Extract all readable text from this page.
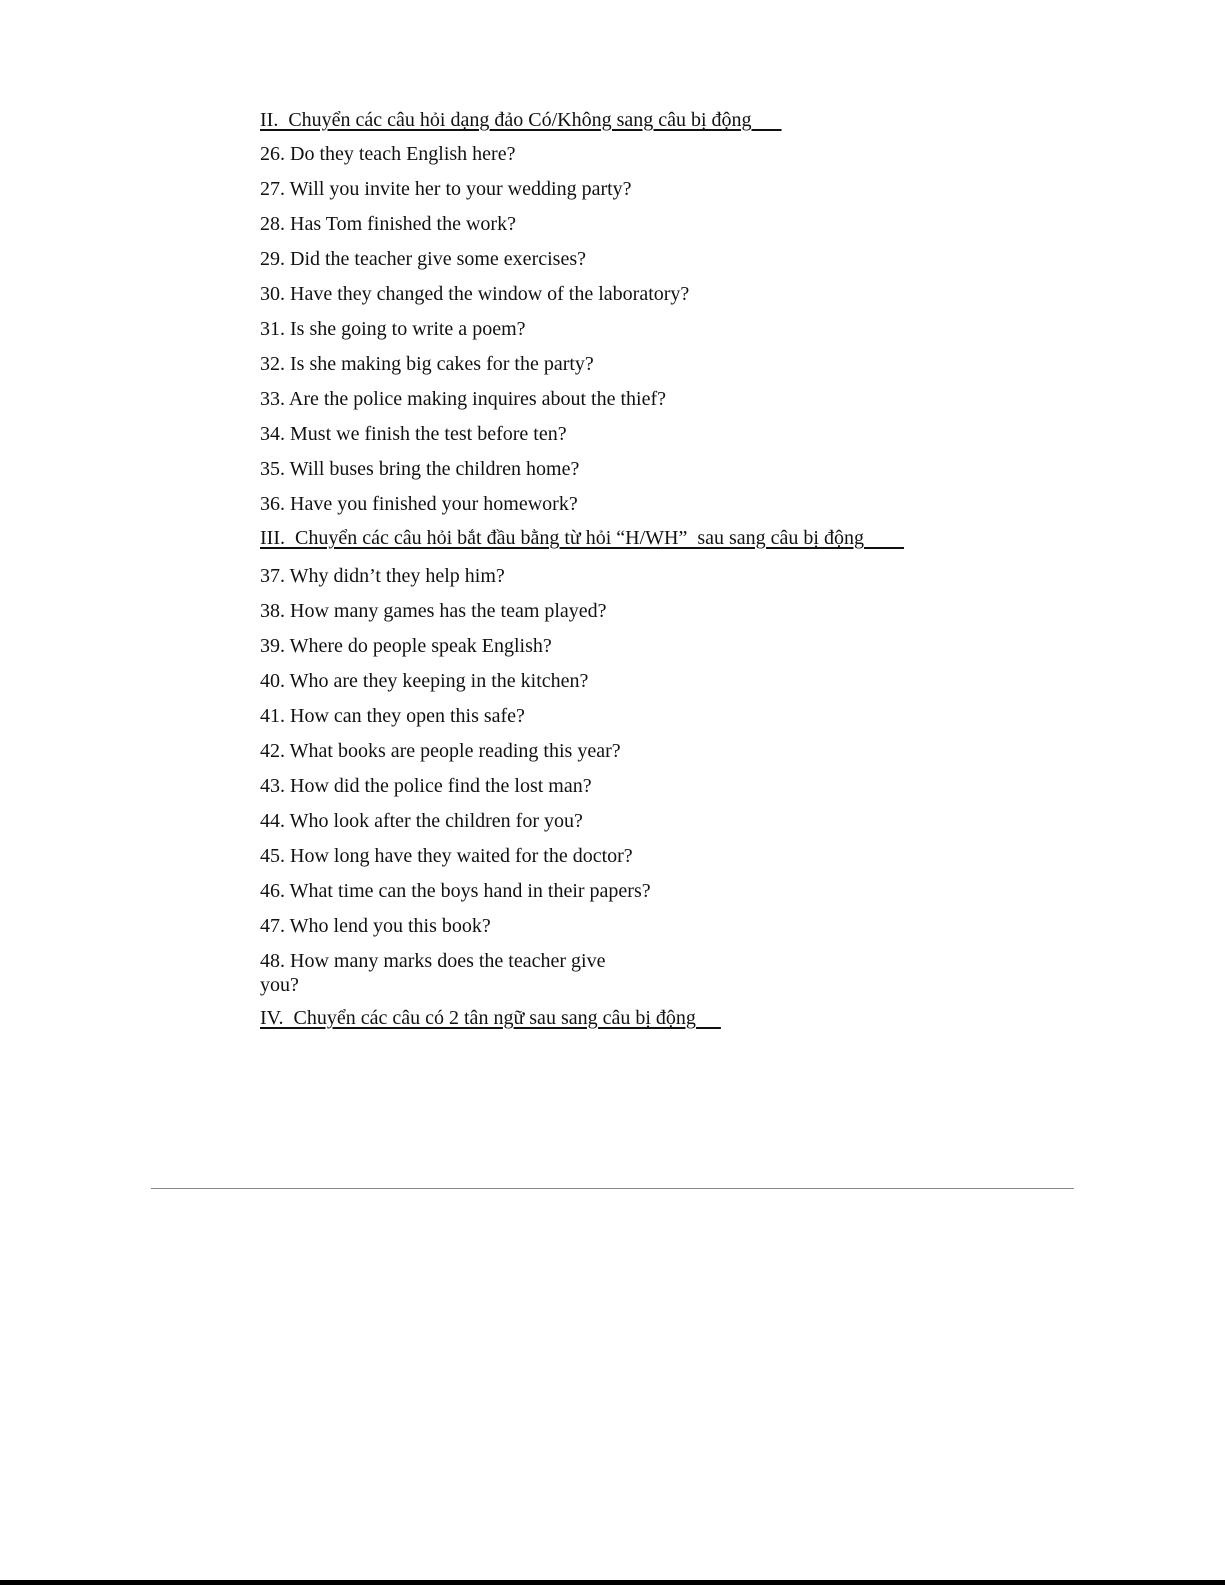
II.  Chuyển các câu hỏi dạng đảo Có/Không sang câu bị động
26. Do they teach English here?
27. Will you invite her to your wedding party?
28. Has Tom finished the work?
29. Did the teacher give some exercises?
30. Have they changed the window of the laboratory?
31. Is she going to write a poem?
32. Is she making big cakes for the party?
33. Are the police making inquires about the thief?
34. Must we finish the test before ten?
35. Will buses bring the children home?
36. Have you finished your homework?
III.  Chuyển các câu hỏi bắt đầu bằng từ hỏi “H/WH”  sau sang câu bị động
37. Why didn’t they help him?
38. How many games has the team played?
39. Where do people speak English?
40. Who are they keeping in the kitchen?
41. How can they open this safe?
42. What books are people reading this year?
43. How did the police find the lost man?
44. Who look after the children for you?
45. How long have they waited for the doctor?
46. What time can the boys hand in their papers?
47. Who lend you this book?
48. How many marks does the teacher give you?
IV.  Chuyển các câu có 2 tân ngữ sau sang câu bị động
